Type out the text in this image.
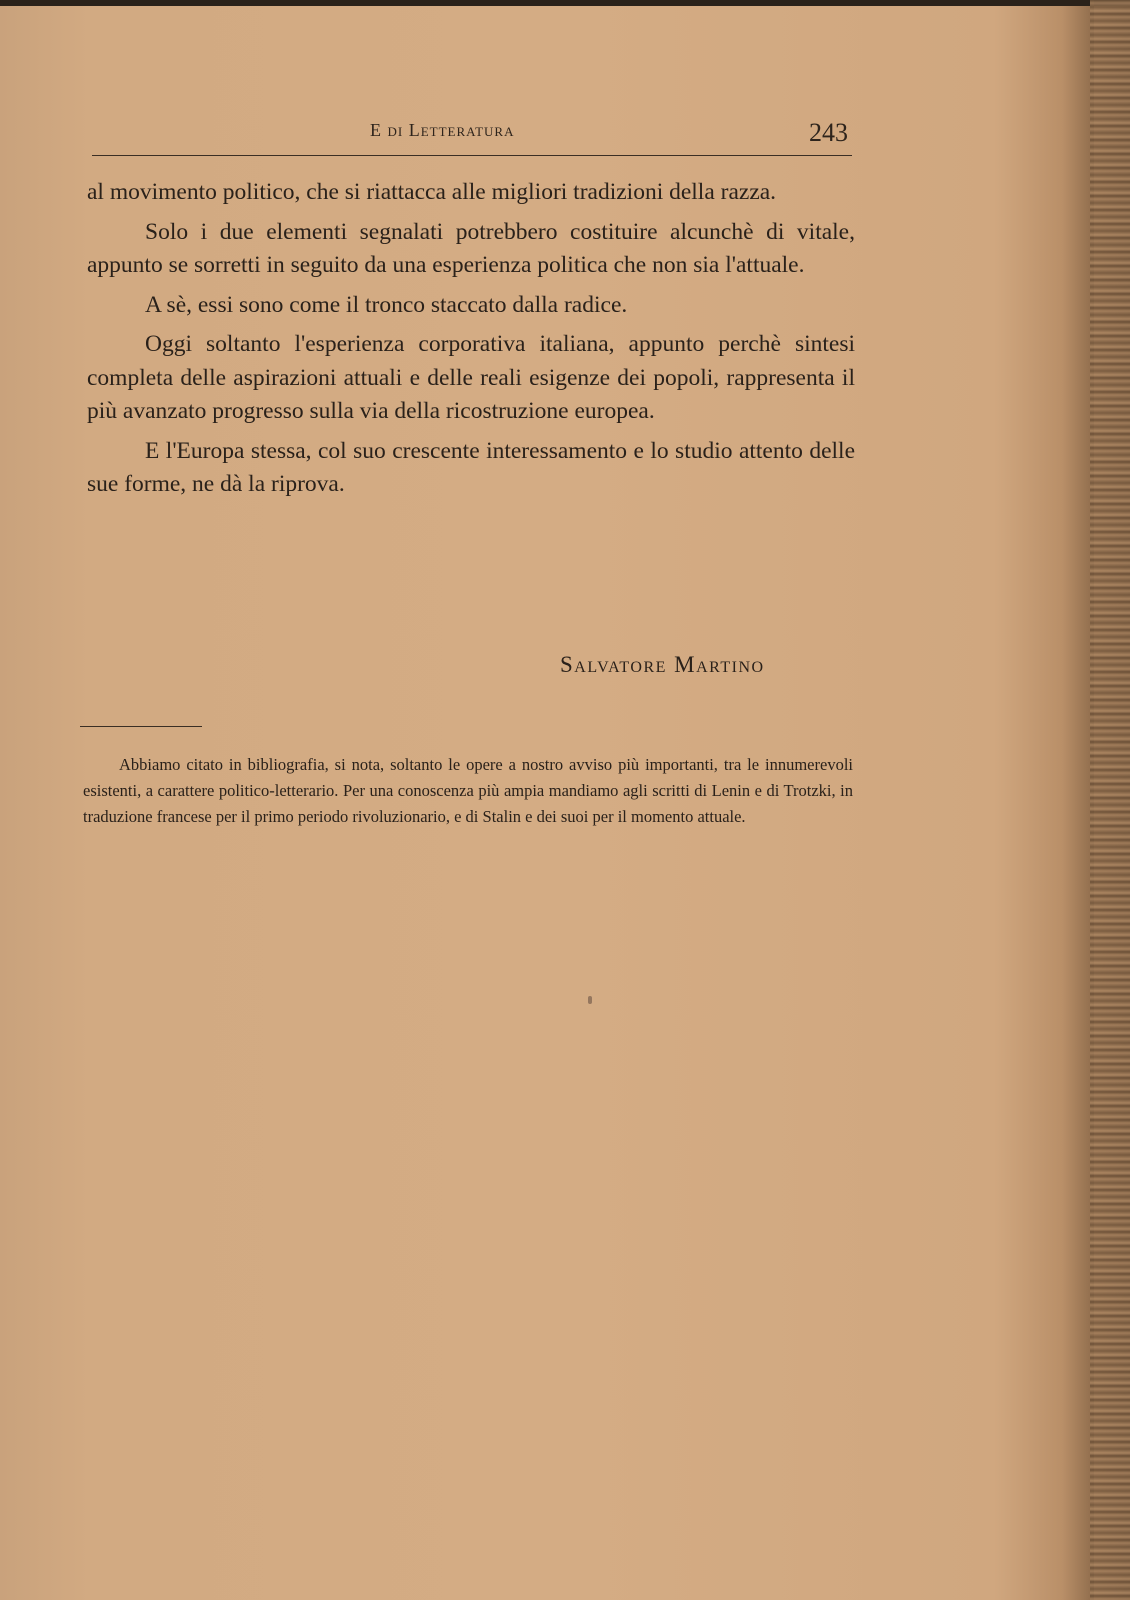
E di Letteratura	243

al movimento politico, che si riattacca alle migliori tradizioni della razza.

Solo i due elementi segnalati potrebbero costituire alcunchè di vitale, appunto se sorretti in seguito da una esperienza politica che non sia l'attuale.

A sè, essi sono come il tronco staccato dalla radice.

Oggi soltanto l'esperienza corporativa italiana, appunto perchè sintesi completa delle aspirazioni attuali e delle reali esigenze dei popoli, rappresenta il più avanzato progresso sulla via della ricostruzione europea.

E l'Europa stessa, col suo crescente interessamento e lo studio attento delle sue forme, ne dà la riprova.

Salvatore Martino
Abbiamo citato in bibliografia, si nota, soltanto le opere a nostro avviso più importanti, tra le innumerevoli esistenti, a carattere politico-letterario. Per una conoscenza più ampia mandiamo agli scritti di Lenin e di Trotzki, in traduzione francese per il primo periodo rivoluzionario, e di Stalin e dei suoi per il momento attuale.
